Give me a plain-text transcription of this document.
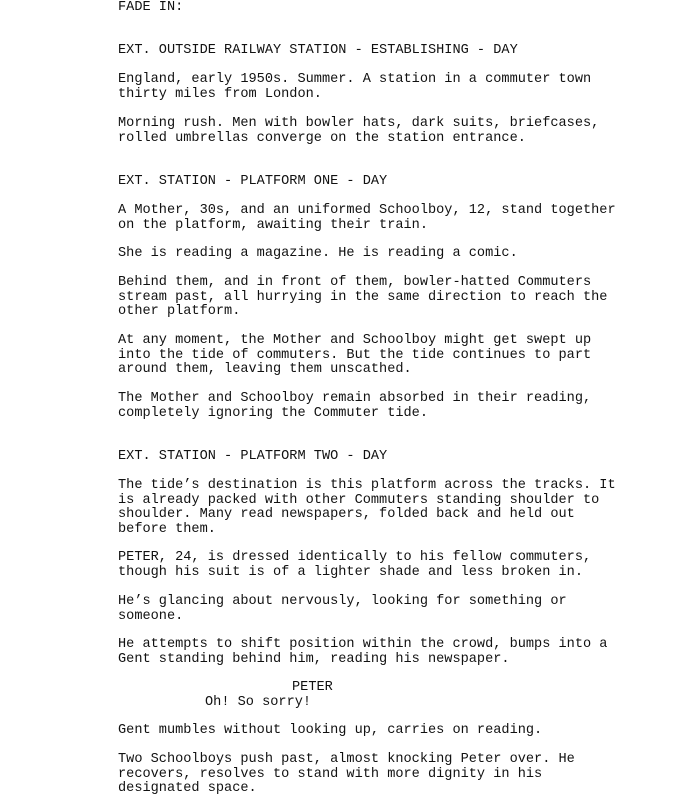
FADE IN:

EXT. OUTSIDE RAILWAY STATION - ESTABLISHING - DAY

England, early 1950s. Summer. A station in a commuter town
thirty miles from London.

Morning rush. Men with bowler hats, dark suits, briefcases,
rolled umbrellas converge on the station entrance.

EXT. STATION - PLATFORM ONE - DAY

A Mother, 30s, and an uniformed Schoolboy, 12, stand together
on the platform, awaiting their train.

She is reading a magazine. He is reading a comic.

Behind them, and in front of them, bowler-hatted Commuters
stream past, all hurrying in the same direction to reach the
other platform.

At any moment, the Mother and Schoolboy might get swept up
into the tide of commuters. But the tide continues to part
around them, leaving them unscathed.

The Mother and Schoolboy remain absorbed in their reading,
completely ignoring the Commuter tide.

EXT. STATION - PLATFORM TWO - DAY

The tide’s destination is this platform across the tracks. It
is already packed with other Commuters standing shoulder to
shoulder. Many read newspapers, folded back and held out
before them.

PETER, 24, is dressed identically to his fellow commuters,
though his suit is of a lighter shade and less broken in.

He’s glancing about nervously, looking for something or
someone.

He attempts to shift position within the crowd, bumps into a
Gent standing behind him, reading his newspaper.

PETER

Oh! So sorry!

Gent mumbles without looking up, carries on reading.

Two Schoolboys push past, almost knocking Peter over. He
recovers, resolves to stand with more dignity in his
designated space.
